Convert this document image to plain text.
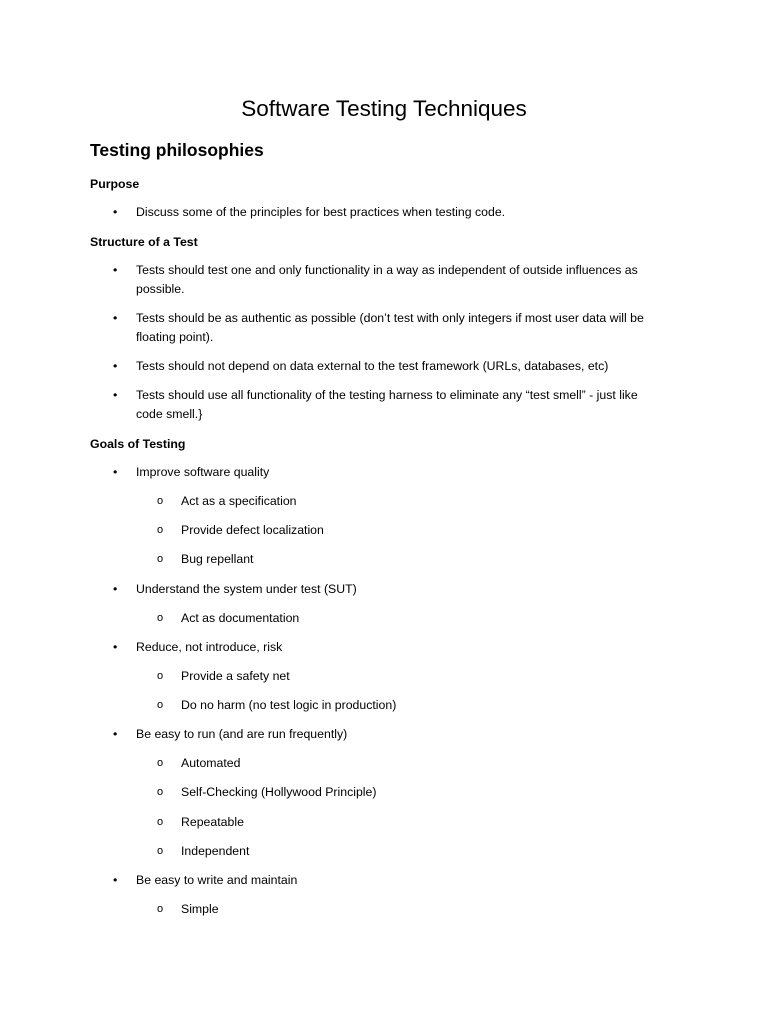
Software Testing Techniques
Testing philosophies
Purpose
• Discuss some of the principles for best practices when testing code.
Structure of a Test
• Tests should test one and only functionality in a way as independent of outside influences as
possible.
• Tests should be as authentic as possible (don’t test with only integers if most user data will be
floating point).
• Tests should not depend on data external to the test framework (URLs, databases, etc)
• Tests should use all functionality of the testing harness to eliminate any “test smell” - just like
code smell.}
Goals of Testing
• Improve software quality
o Act as a specification
o Provide defect localization
o Bug repellant
• Understand the system under test (SUT)
o Act as documentation
• Reduce, not introduce, risk
o Provide a safety net
o Do no harm (no test logic in production)
• Be easy to run (and are run frequently)
o Automated
o Self-Checking (Hollywood Principle)
o Repeatable
o Independent
• Be easy to write and maintain
o Simple
